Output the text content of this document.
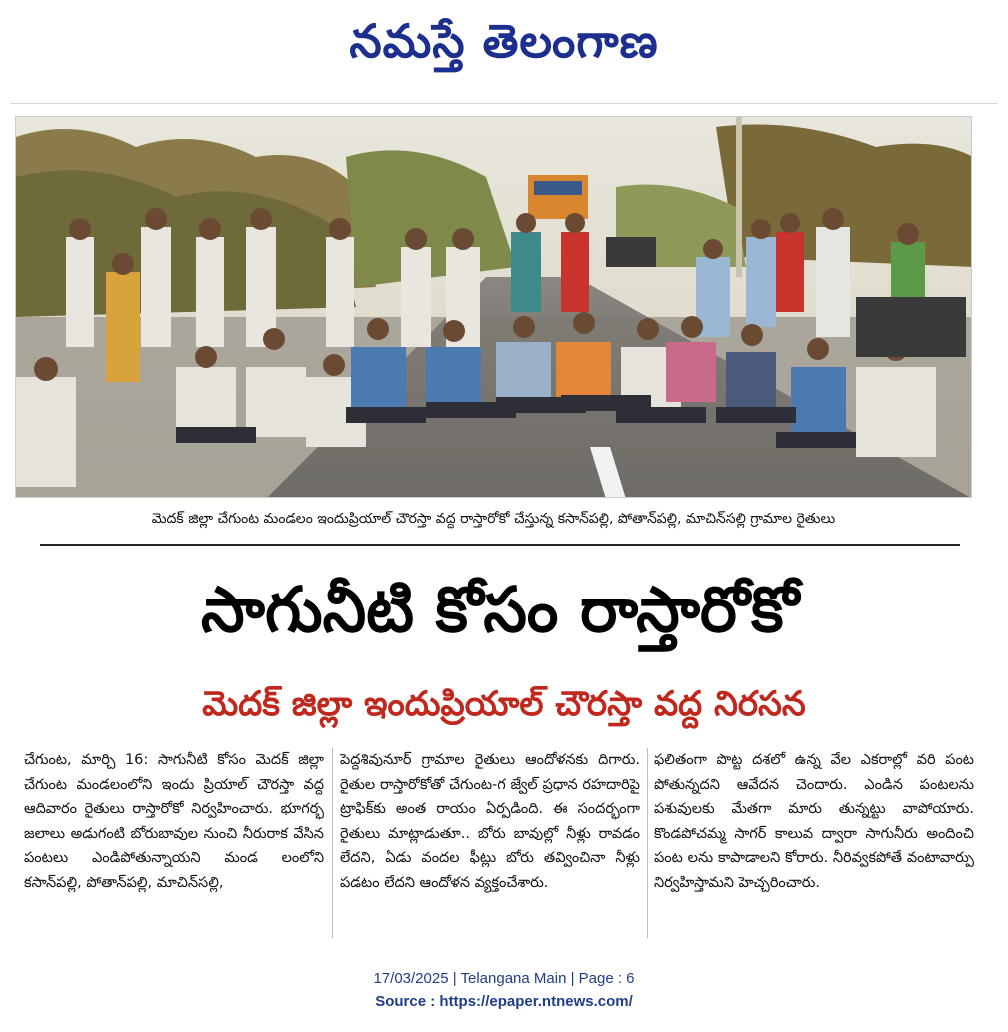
నమస్తే తెలంగాణ
మెదక్ జిల్లా చేగుంట మండలం ఇందుప్రియాల్ చౌరస్తా వద్ద రాస్తారోకో చేస్తున్న కసాన్‌పల్లి, పోతాన్‌పల్లి, మాచిన్‌సల్లి గ్రామాల రైతులు
సాగునీటి కోసం రాస్తారోకో
మెదక్ జిల్లా ఇందుప్రియాల్ చౌరస్తా వద్ద నిరసన

చేగుంట, మార్చి 16: సాగునీటి కోసం మెదక్ జిల్లా చేగుంట మండలంలోని ఇందు ప్రియాల్ చౌరస్తా వద్ద ఆదివారం రైతులు రాస్తారోకో నిర్వహించారు. భూగర్భ జలాలు అడుగంటి బోరుబావుల నుంచి నీరురాక వేసిన పంటలు ఎండిపోతున్నాయని మండ లంలోని కసాన్‌పల్లి, పోతాన్‌పల్లి, మాచిన్‌సల్లి,

పెద్దశివునూర్ గ్రామాల రైతులు ఆందోళనకు దిగారు. రైతుల రాస్తారోకోతో చేగుంట-గ జ్వేల్ ప్రధాన రహదారిపై ట్రాఫిక్‌కు అంత రాయం ఏర్పడింది. ఈ సందర్భంగా రైతులు మాట్లాడుతూ.. బోరు బావుల్లో నీళ్లు రావడం లేదని, ఏడు వందల ఫీట్లు బోరు తవ్వించినా నీళ్లు పడటం లేదని ఆందోళన వ్యక్తంచేశారు.

ఫలితంగా పొట్ట దశలో ఉన్న వేల ఎకరాల్లో వరి పంట పోతున్నదని ఆవేదన చెందారు. ఎండిన పంటలను పశువులకు మేతగా మారు తున్నట్టు వాపోయారు. కొండపోచమ్మ సాగర్ కాలువ ద్వారా సాగునీరు అందించి పంట లను కాపాడాలని కోరారు. నీరివ్వకపోతే వంటావార్పు నిర్వహిస్తామని హెచ్చరించారు.

17/03/2025 | Telangana Main | Page : 6
Source : https://epaper.ntnews.com/
